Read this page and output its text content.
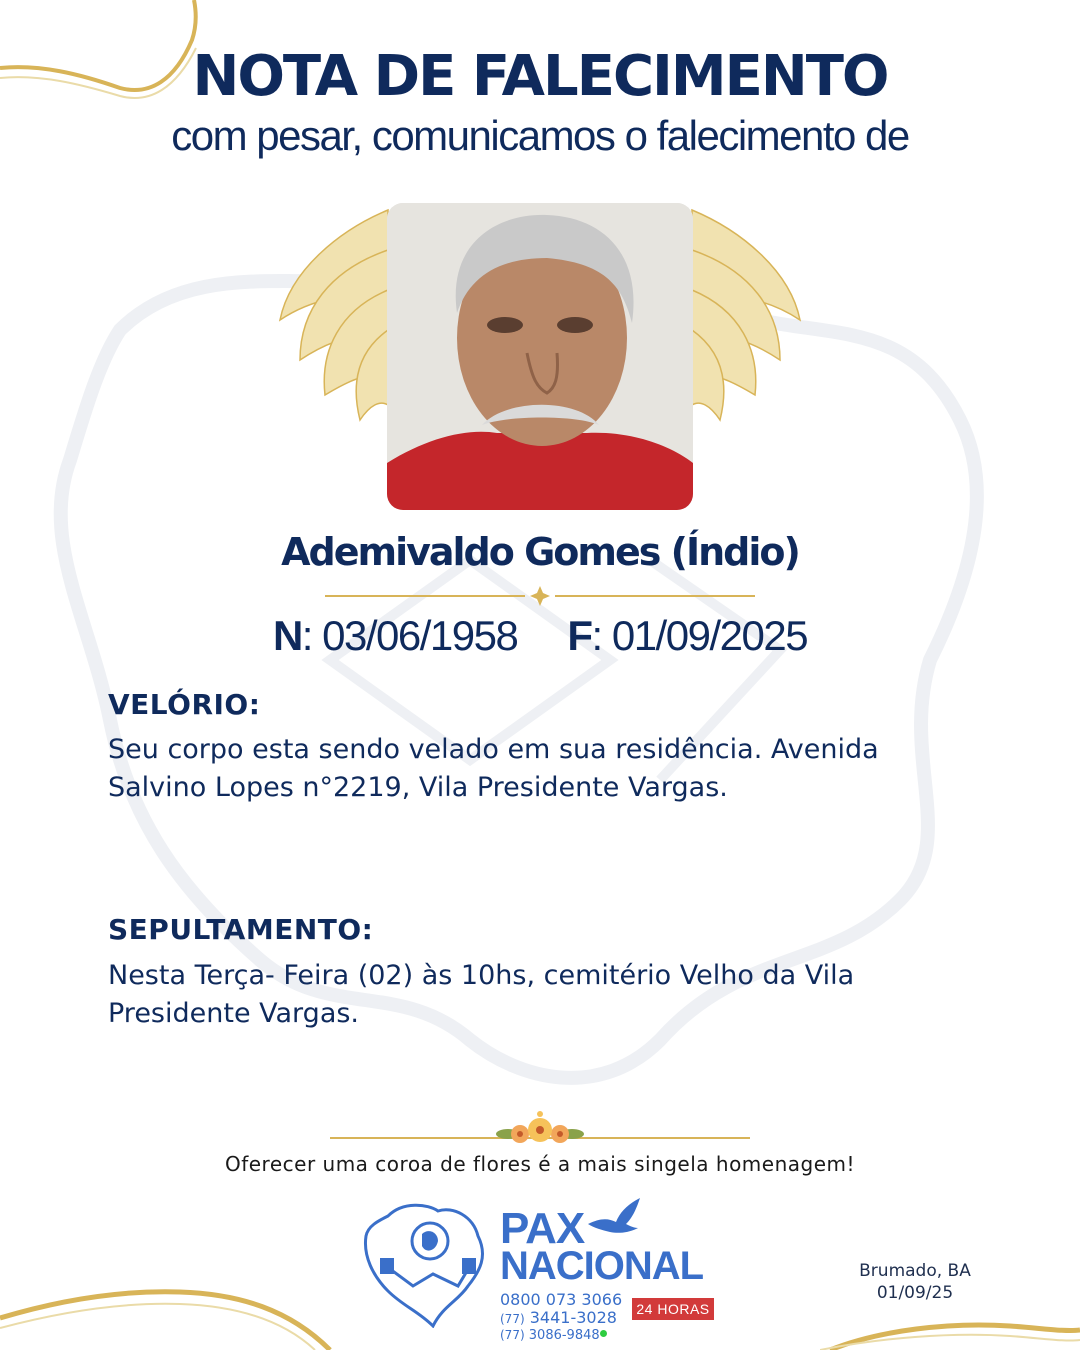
NOTA DE FALECIMENTO
com pesar, comunicamos o falecimento de
Ademivaldo Gomes (Índio)
N: 03/06/1958 F: 01/09/2025
VELÓRIO:
Seu corpo esta sendo velado em sua residência. Avenida
Salvino Lopes n°2219, Vila Presidente Vargas.
SEPULTAMENTO:
Nesta Terça- Feira (02) às 10hs, cemitério Velho da Vila
Presidente Vargas.
Oferecer uma coroa de flores é a mais singela homenagem!
PAX
NACIONAL
0800 073 3066
(77) 3441-3028
(77) 3086-9848
24 HORAS
Brumado, BA
01/09/25
